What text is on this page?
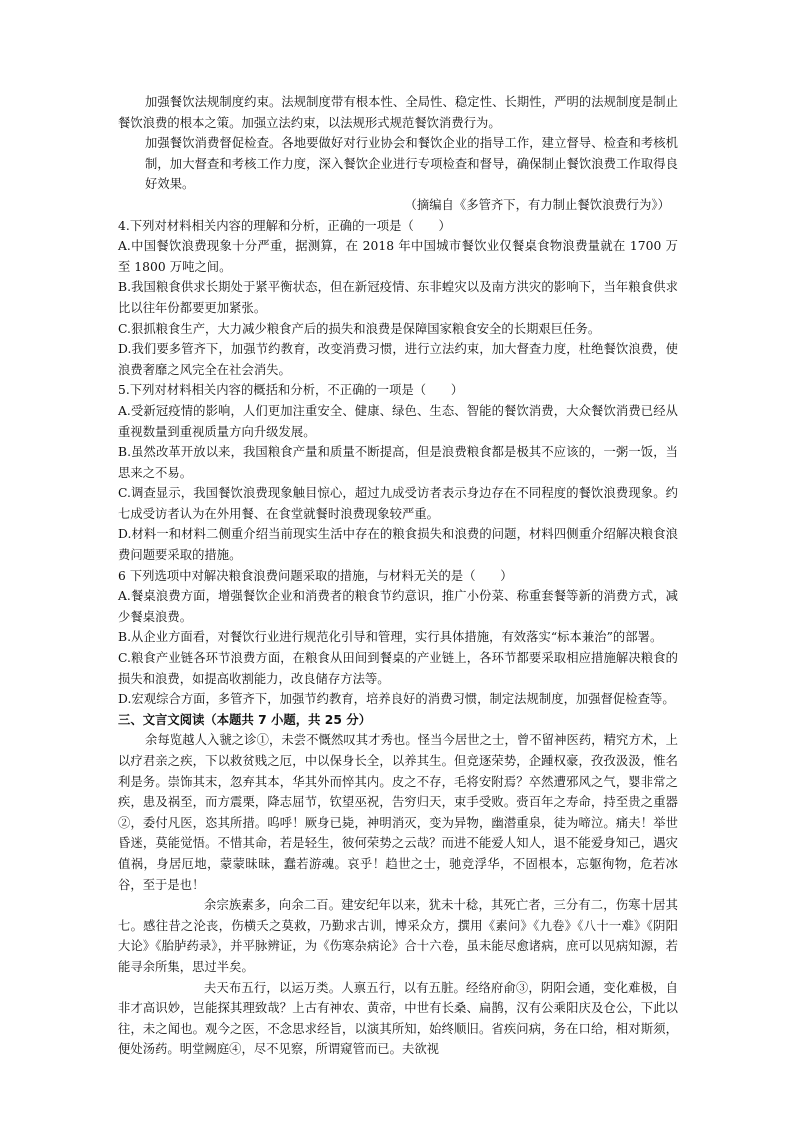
加强餐饮法规制度约束。法规制度带有根本性、全局性、稳定性、长期性，严明的法规制度是制止餐饮浪费的根本之策。加强立法约束，以法规形式规范餐饮消费行为。

加强餐饮消费督促检查。各地要做好对行业协会和餐饮企业的指导工作，建立督导、检查和考核机制，加大督查和考核工作力度，深入餐饮企业进行专项检查和督导，确保制止餐饮浪费工作取得良好效果。

（摘编自《多管齐下，有力制止餐饮浪费行为》）

4.下列对材料相关内容的理解和分析，正确的一项是（　　）

A.中国餐饮浪费现象十分严重，据测算，在 2018 年中国城市餐饮业仅餐桌食物浪费量就在 1700 万至 1800 万吨之间。

B.我国粮食供求长期处于紧平衡状态，但在新冠疫情、东非蝗灾以及南方洪灾的影响下，当年粮食供求比以往年份都要更加紧张。

C.狠抓粮食生产，大力减少粮食产后的损失和浪费是保障国家粮食安全的长期艰巨任务。

D.我们要多管齐下，加强节约教育，改变消费习惯，进行立法约束，加大督查力度，杜绝餐饮浪费，使浪费奢靡之风完全在社会消失。

5.下列对材料相关内容的概括和分析，不正确的一项是（　　）

A.受新冠疫情的影响，人们更加注重安全、健康、绿色、生态、智能的餐饮消费，大众餐饮消费已经从重视数量到重视质量方向升级发展。

B.虽然改革开放以来，我国粮食产量和质量不断提高，但是浪费粮食都是极其不应该的，一粥一饭，当思来之不易。

C.调查显示，我国餐饮浪费现象触目惊心，超过九成受访者表示身边存在不同程度的餐饮浪费现象。约七成受访者认为在外用餐、在食堂就餐时浪费现象较严重。

D.材料一和材料二侧重介绍当前现实生活中存在的粮食损失和浪费的问题，材料四侧重介绍解决粮食浪费问题要采取的措施。

6 下列选项中对解决粮食浪费问题采取的措施，与材料无关的是（　　）

A.餐桌浪费方面，增强餐饮企业和消费者的粮食节约意识，推广小份菜、称重套餐等新的消费方式，减少餐桌浪费。

B.从企业方面看，对餐饮行业进行规范化引导和管理，实行具体措施，有效落实“标本兼治”的部署。

C.粮食产业链各环节浪费方面，在粮食从田间到餐桌的产业链上，各环节都要采取相应措施解决粮食的损失和浪费，如提高收割能力，改良储存方法等。

D.宏观综合方面，多管齐下，加强节约教育，培养良好的消费习惯，制定法规制度，加强督促检查等。

三、文言文阅读（本题共 7 小题，共 25 分）

余每览越人入虢之诊①，未尝不慨然叹其才秀也。怪当今居世之士，曾不留神医药，精究方术，上以疗君亲之疾，下以救贫贱之厄，中以保身长全，以养其生。但竞逐荣势，企踵权豪，孜孜汲汲，惟名利是务。崇饰其末，忽弃其本，华其外而悴其内。皮之不存，毛将安附焉？卒然遭邪风之气，婴非常之疾，患及祸至，而方震栗，降志屈节，钦望巫祝，告穷归天，束手受败。赍百年之寿命，持至贵之重器②，委付凡医，恣其所措。呜呼！厥身已毙，神明消灭，变为异物，幽潜重泉，徒为啼泣。痛夫！举世昏迷，莫能觉悟。不惜其命，若是轻生，彼何荣势之云哉？而进不能爱人知人，退不能爱身知己，遇灾值祸，身居厄地，蒙蒙昧昧，蠢若游魂。哀乎！趋世之士，驰竞浮华，不固根本，忘躯徇物，危若冰谷，至于是也！

余宗族素多，向余二百。建安纪年以来，犹未十稔，其死亡者，三分有二，伤寒十居其七。感往昔之沦丧，伤横夭之莫救，乃勤求古训，博采众方，撰用《素问》《九卷》《八十一难》《阴阳大论》《胎胪药录》，并平脉辨证，为《伤寒杂病论》合十六卷，虽未能尽愈诸病，庶可以见病知源，若能寻余所集，思过半矣。

夫天布五行，以运万类。人禀五行，以有五脏。经络府俞③，阴阳会通，变化难极，自非才高识妙，岂能探其理致哉？上古有神农、黄帝，中世有长桑、扁鹊，汉有公乘阳庆及仓公，下此以往，未之闻也。观今之医，不念思求经旨，以演其所知，始终顺旧。省疾问病，务在口给，相对斯须，便处汤药。明堂阙庭④，尽不见察，所谓窥管而已。夫欲视
